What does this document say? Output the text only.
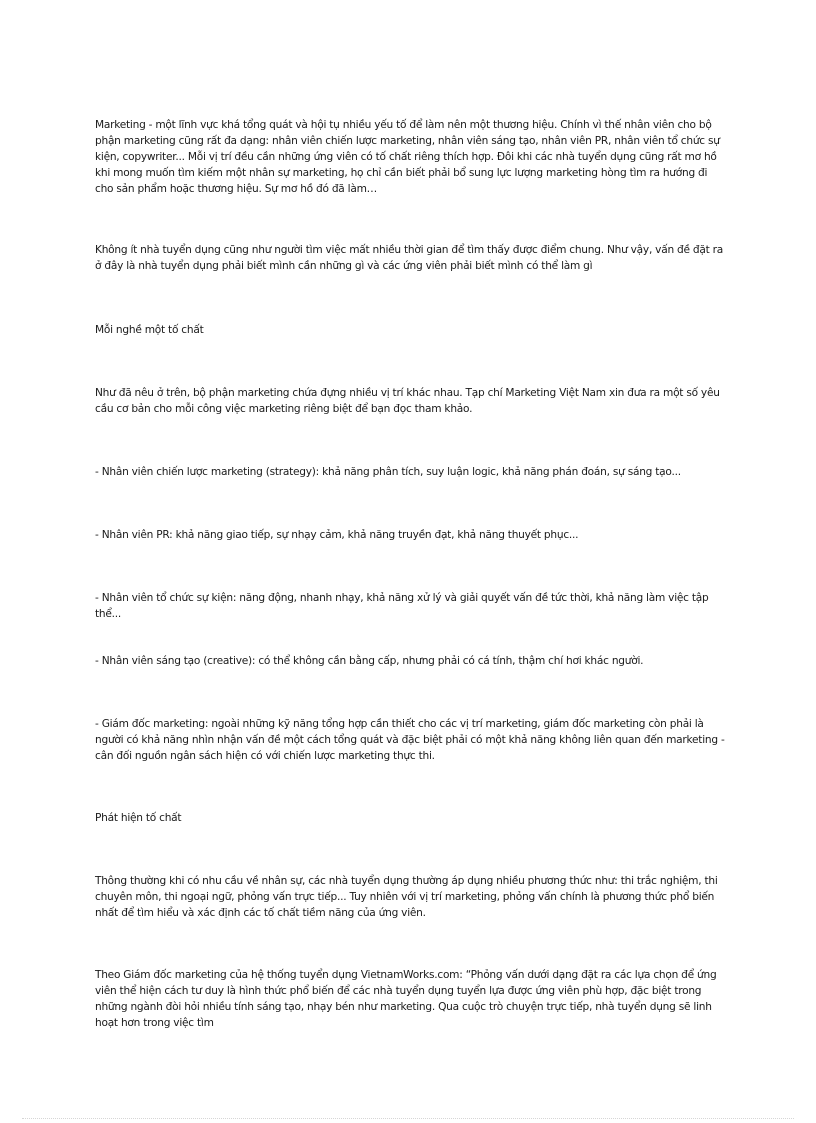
Marketing - một lĩnh vực khá tổng quát và hội tụ nhiều yếu tố để làm nên một thương hiệu. Chính vì thế nhân viên cho bộ phận marketing cũng rất đa dạng: nhân viên chiến lược marketing, nhân viên sáng tạo, nhân viên PR, nhân viên tổ chức sự kiện, copywriter... Mỗi vị trí đều cần những ứng viên có tố chất riêng thích hợp. Đôi khi các nhà tuyển dụng cũng rất mơ hồ khi mong muốn tìm kiếm một nhân sự marketing, họ chỉ cần biết phải bổ sung lực lượng marketing hòng tìm ra hướng đi cho sản phẩm hoặc thương hiệu. Sự mơ hồ đó đã làm…

Không ít nhà tuyển dụng cũng như người tìm việc mất nhiều thời gian để tìm thấy được điểm chung. Như vậy, vấn đề đặt ra ở đây là nhà tuyển dụng phải biết mình cần những gì và các ứng viên phải biết mình có thể làm gì

Mỗi nghề một tố chất

Như đã nêu ở trên, bộ phận marketing chứa đựng nhiều vị trí khác nhau. Tạp chí Marketing Việt Nam xin đưa ra một số yêu cầu cơ bản cho mỗi công việc marketing riêng biệt để bạn đọc tham khảo.

- Nhân viên chiến lược marketing (strategy): khả năng phân tích, suy luận logic, khả năng phán đoán, sự sáng tạo...

- Nhân viên PR: khả năng giao tiếp, sự nhạy cảm, khả năng truyền đạt, khả năng thuyết phục...

- Nhân viên tổ chức sự kiện: năng động, nhanh nhạy, khả năng xử lý và giải quyết vấn đề tức thời, khả năng làm việc tập thể...

- Nhân viên sáng tạo (creative): có thể không cần bằng cấp, nhưng phải có cá tính, thậm chí hơi khác người.

- Giám đốc marketing: ngoài những kỹ năng tổng hợp cần thiết cho các vị trí marketing, giám đốc marketing còn phải là người có khả năng nhìn nhận vấn đề một cách tổng quát và đặc biệt phải có một khả năng không liên quan đến marketing - cân đối nguồn ngân sách hiện có với chiến lược marketing thực thi.

Phát hiện tố chất

Thông thường khi có nhu cầu về nhân sự, các nhà tuyển dụng thường áp dụng nhiều phương thức như: thi trắc nghiệm, thi chuyên môn, thi ngoại ngữ, phỏng vấn trực tiếp... Tuy nhiên với vị trí marketing, phỏng vấn chính là phương thức phổ biến nhất để tìm hiểu và xác định các tố chất tiềm năng của ứng viên.

Theo Giám đốc marketing của hệ thống tuyển dụng VietnamWorks.com: “Phỏng vấn dưới dạng đặt ra các lựa chọn để ứng viên thể hiện cách tư duy là hình thức phổ biến để các nhà tuyển dụng tuyển lựa được ứng viên phù hợp, đặc biệt trong những ngành đòi hỏi nhiều tính sáng tạo, nhạy bén như marketing. Qua cuộc trò chuyện trực tiếp, nhà tuyển dụng sẽ linh hoạt hơn trong việc tìm
